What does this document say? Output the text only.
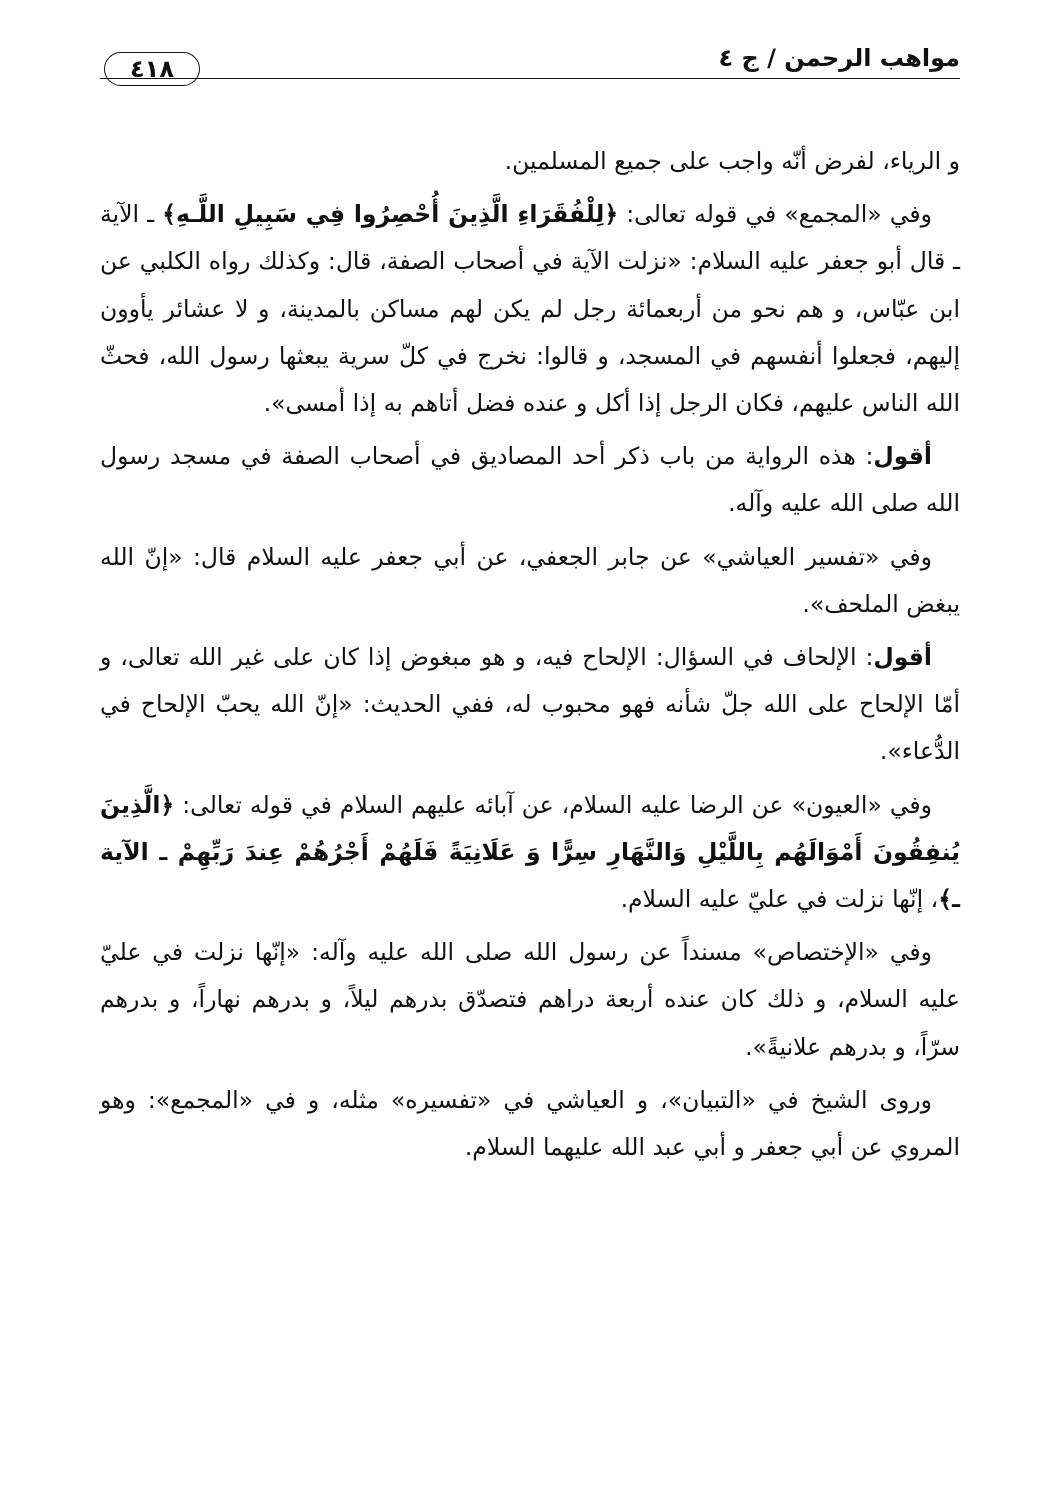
مواهب الرحمن / ج ٤
٤١٨

و الرياء، لفرض أنّه واجب على جميع المسلمين.

وفي «المجمع» في قوله تعالى: ﴿لِلْفُقَرَاءِ الَّذِينَ أُحْصِرُوا فِي سَبِيلِ اللَّـهِ﴾ ـ الآية ـ قال أبو جعفر عليه السلام: «نزلت الآية في أصحاب الصفة، قال: وكذلك رواه الكلبي عن ابن عبّاس، و هم نحو من أربعمائة رجل لم يكن لهم مساكن بالمدينة، و لا عشائر يأوون إليهم، فجعلوا أنفسهم في المسجد، و قالوا: نخرج في كلّ سرية يبعثها رسول الله، فحثّ الله الناس عليهم، فكان الرجل إذا أكل و عنده فضل أتاهم به إذا أمسى».

أقول: هذه الرواية من باب ذكر أحد المصاديق في أصحاب الصفة في مسجد رسول الله صلى الله عليه وآله.

وفي «تفسير العياشي» عن جابر الجعفي، عن أبي جعفر عليه السلام قال: «إنّ الله يبغض الملحف».

أقول: الإلحاف في السؤال: الإلحاح فيه، و هو مبغوض إذا كان على غير الله تعالى، و أمّا الإلحاح على الله جلّ شأنه فهو محبوب له، ففي الحديث: «إنّ الله يحبّ الإلحاح في الدُّعاء».

وفي «العيون» عن الرضا عليه السلام، عن آبائه عليهم السلام في قوله تعالى: ﴿الَّذِينَ يُنفِقُونَ أَمْوَالَهُم بِاللَّيْلِ وَالنَّهَارِ سِرًّا وَ عَلَانِيَةً فَلَهُمْ أَجْرُهُمْ عِندَ رَبِّهِمْ ـ الآية ـ﴾، إنّها نزلت في عليّ عليه السلام.

وفي «الإختصاص» مسنداً عن رسول الله صلى الله عليه وآله: «إنّها نزلت في عليّ عليه السلام، و ذلك كان عنده أربعة دراهم فتصدّق بدرهم ليلاً، و بدرهم نهاراً، و بدرهم سرّاً، و بدرهم علانيةً».

وروى الشيخ في «التبيان»، و العياشي في «تفسيره» مثله، و في «المجمع»: وهو المروي عن أبي جعفر و أبي عبد الله عليهما السلام.
